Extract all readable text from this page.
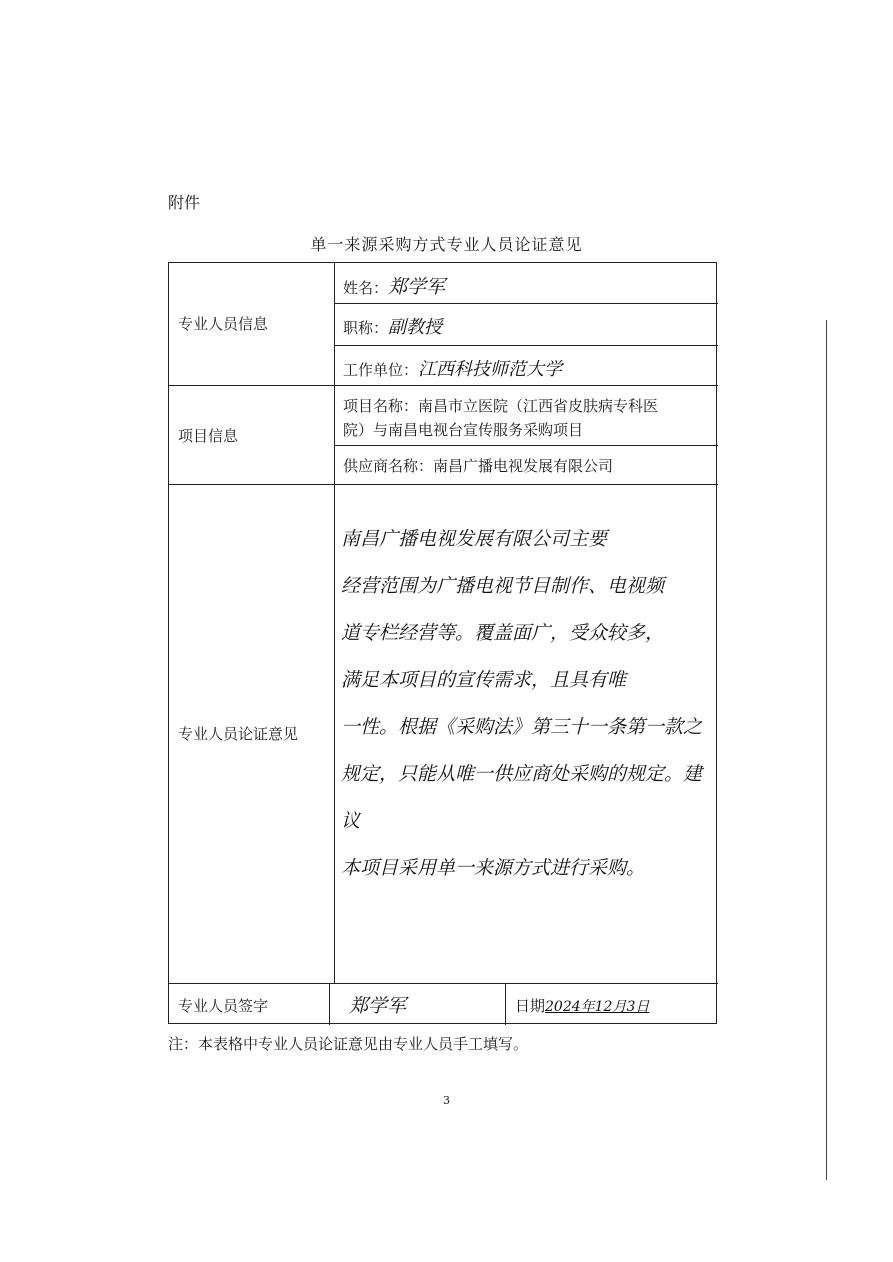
附件
单一来源采购方式专业人员论证意见
专业人员信息
姓名：郑学军
职称：副教授
工作单位：江西科技师范大学
项目信息
项目名称：南昌市立医院（江西省皮肤病专科医
院）与南昌电视台宣传服务采购项目
供应商名称：南昌广播电视发展有限公司
专业人员论证意见
南昌广播电视发展有限公司主要
经营范围为广播电视节目制作、电视频
道专栏经营等。覆盖面广，受众较多，
满足本项目的宣传需求，且具有唯
一性。根据《采购法》第三十一条第一款之
规定，只能从唯一供应商处采购的规定。建议
本项目采用单一来源方式进行采购。
专业人员签字	郑学军	日期2024年12月3日
注：本表格中专业人员论证意见由专业人员手工填写。
3
